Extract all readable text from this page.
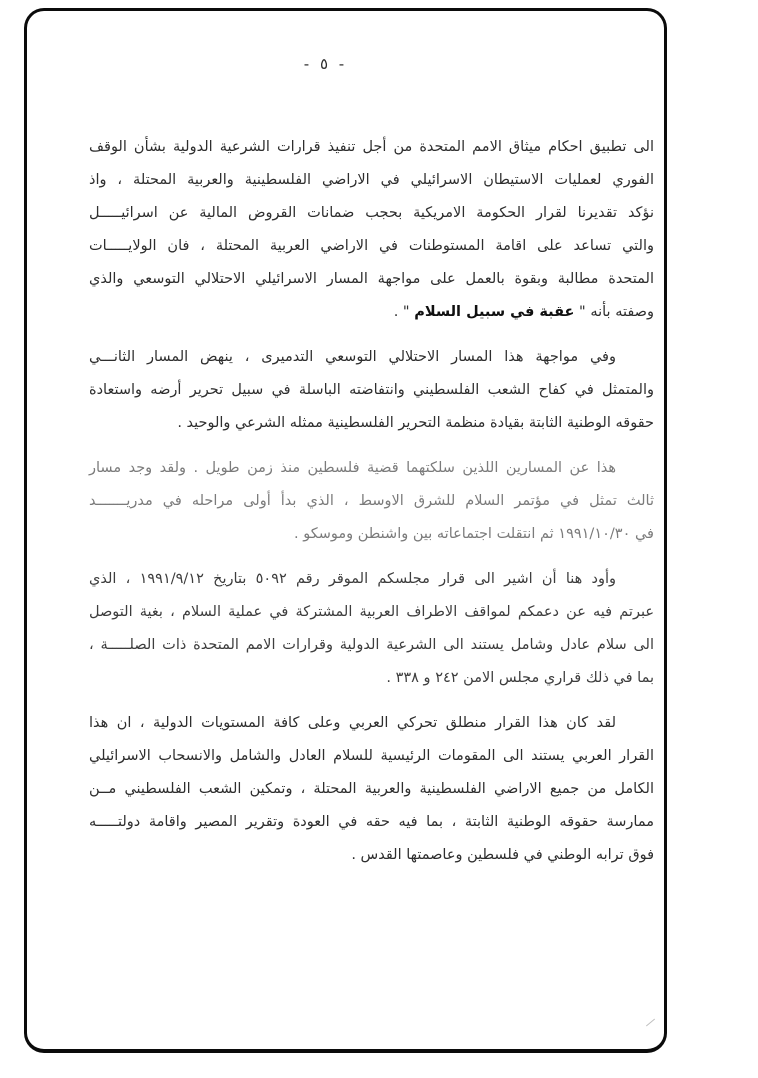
- ٥ -
الى تطبيق احكام ميثاق الامم المتحدة من أجل تنفيذ قرارات الشرعية الدولية بشأن الوقف
الفوري لعمليات الاستيطان الاسرائيلي في الاراضي الفلسطينية والعربية المحتلة ، واذ
نؤكد تقديرنا لقرار الحكومة الامريكية بحجب ضمانات القروض المالية عن اسرائيـــــل
والتي تساعد على اقامة المستوطنات في الاراضي العربية المحتلة ، فان الولايـــــات
المتحدة مطالبة وبقوة بالعمل على مواجهة المسار الاسرائيلي الاحتلالي التوسعي والذي
وصفته بأنه " عقبة في سبيل السلام " .
وفي مواجهة هذا المسار الاحتلالي التوسعي التدميرى ، ينهض المسار الثانـــي
والمتمثل في كفاح الشعب الفلسطيني وانتفاضته الباسلة في سبيل تحرير أرضه واستعادة
حقوقه الوطنية الثابتة بقيادة منظمة التحرير الفلسطينية ممثله الشرعي والوحيد .
هذا عن المسارين اللذين سلكتهما قضية فلسطين منذ زمن طويل . ولقد وجد مسار
ثالث تمثل في مؤتمر السلام للشرق الاوسط ، الذي بدأ أولى مراحله في مدريـــــــد
في ١٩٩١/١٠/٣٠ ثم انتقلت اجتماعاته بين واشنطن وموسكو .
وأود هنا أن اشير الى قرار مجلسكم الموقر رقم ٥٠٩٢ بتاريخ ١٩٩١/٩/١٢ ، الذي
عبرتم فيه عن دعمكم لمواقف الاطراف العربية المشتركة في عملية السلام ، بغية التوصل
الى سلام عادل وشامل يستند الى الشرعية الدولية وقرارات الامم المتحدة ذات الصلـــــة ،
بما في ذلك قراري مجلس الامن ٢٤٢ و ٣٣٨ .
لقد كان هذا القرار منطلق تحركي العربي وعلى كافة المستويات الدولية ، ان هذا
القرار العربي يستند الى المقومات الرئيسية للسلام العادل والشامل والانسحاب الاسرائيلي
الكامل من جميع الاراضي الفلسطينية والعربية المحتلة ، وتمكين الشعب الفلسطيني مــن
ممارسة حقوقه الوطنية الثابتة ، بما فيه حقه في العودة وتقرير المصير واقامة دولتـــــه
فوق ترابه الوطني في فلسطين وعاصمتها القدس .
